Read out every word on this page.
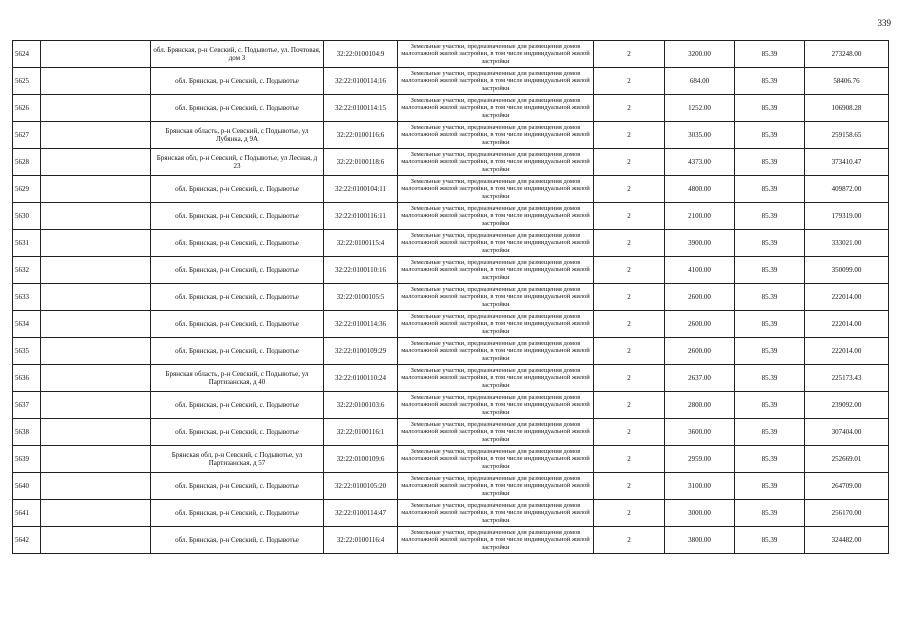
339
5624		обл. Брянская, р-н Севский, с. Подывотье, ул. Почтовая, дом 3	32:22:0100104:9	Земельные участки, предназначенные для размещения домов малоэтажной жилой застройки, в том числе индивидуальной жилой застройки	2	3200.00	85.39	273248.00
5625		обл. Брянская, р-н Севский, с. Подывотье	32:22:0100114:16	Земельные участки, предназначенные для размещения домов малоэтажной жилой застройки, в том числе индивидуальной жилой застройки	2	684.00	85.39	58406.76
5626		обл. Брянская, р-н Севский, с. Подывотье	32:22:0100114:15	Земельные участки, предназначенные для размещения домов малоэтажной жилой застройки, в том числе индивидуальной жилой застройки	2	1252.00	85.39	106908.28
5627		Брянская область, р-н Севский, с Подывотье, ул Лубянка, д 9А	32:22:0100116:6	Земельные участки, предназначенные для размещения домов малоэтажной жилой застройки, в том числе индивидуальной жилой застройки	2	3035.00	85.39	259158.65
5628		Брянская обл, р-н Севский, с Подывотье, ул Лесная, д 23	32:22:0100118:6	Земельные участки, предназначенные для размещения домов малоэтажной жилой застройки, в том числе индивидуальной жилой застройки	2	4373.00	85.39	373410.47
5629		обл. Брянская, р-н Севский, с. Подывотье	32:22:0100104:11	Земельные участки, предназначенные для размещения домов малоэтажной жилой застройки, в том числе индивидуальной жилой застройки	2	4800.00	85.39	409872.00
5630		обл. Брянская, р-н Севский, с. Подывотье	32:22:0100116:11	Земельные участки, предназначенные для размещения домов малоэтажной жилой застройки, в том числе индивидуальной жилой застройки	2	2100.00	85.39	179319.00
5631		обл. Брянская, р-н Севский, с. Подывотье	32:22:0100115:4	Земельные участки, предназначенные для размещения домов малоэтажной жилой застройки, в том числе индивидуальной жилой застройки	2	3900.00	85.39	333021.00
5632		обл. Брянская, р-н Севский, с. Подывотье	32:22:0100110:16	Земельные участки, предназначенные для размещения домов малоэтажной жилой застройки, в том числе индивидуальной жилой застройки	2	4100.00	85.39	350099.00
5633		обл. Брянская, р-н Севский, с. Подывотье	32:22:0100105:5	Земельные участки, предназначенные для размещения домов малоэтажной жилой застройки, в том числе индивидуальной жилой застройки	2	2600.00	85.39	222014.00
5634		обл. Брянская, р-н Севский, с. Подывотье	32:22:0100114:36	Земельные участки, предназначенные для размещения домов малоэтажной жилой застройки, в том числе индивидуальной жилой застройки	2	2600.00	85.39	222014.00
5635		обл. Брянская, р-н Севский, с. Подывотье	32:22:0100109:29	Земельные участки, предназначенные для размещения домов малоэтажной жилой застройки, в том числе индивидуальной жилой застройки	2	2600.00	85.39	222014.00
5636		Брянская область, р-н Севский, с Подывотье, ул Партизанская, д 40	32:22:0100110:24	Земельные участки, предназначенные для размещения домов малоэтажной жилой застройки, в том числе индивидуальной жилой застройки	2	2637.00	85.39	225173.43
5637		обл. Брянская, р-н Севский, с. Подывотье	32:22:0100103:6	Земельные участки, предназначенные для размещения домов малоэтажной жилой застройки, в том числе индивидуальной жилой застройки	2	2800.00	85.39	239092.00
5638		обл. Брянская, р-н Севский, с. Подывотье	32:22:0100116:1	Земельные участки, предназначенные для размещения домов малоэтажной жилой застройки, в том числе индивидуальной жилой застройки	2	3600.00	85.39	307404.00
5639		Брянская обл, р-н Севский, с Подывотье, ул Партизанская, д 57	32:22:0100109:6	Земельные участки, предназначенные для размещения домов малоэтажной жилой застройки, в том числе индивидуальной жилой застройки	2	2959.00	85.39	252669.01
5640		обл. Брянская, р-н Севский, с. Подывотье	32:22:0100105:20	Земельные участки, предназначенные для размещения домов малоэтажной жилой застройки, в том числе индивидуальной жилой застройки	2	3100.00	85.39	264709.00
5641		обл. Брянская, р-н Севский, с. Подывотье	32:22:0100114:47	Земельные участки, предназначенные для размещения домов малоэтажной жилой застройки, в том числе индивидуальной жилой застройки	2	3000.00	85.39	256170.00
5642		обл. Брянская, р-н Севский, с. Подывотье	32:22:0100116:4	Земельные участки, предназначенные для размещения домов малоэтажной жилой застройки, в том числе индивидуальной жилой застройки	2	3800.00	85.39	324482.00
